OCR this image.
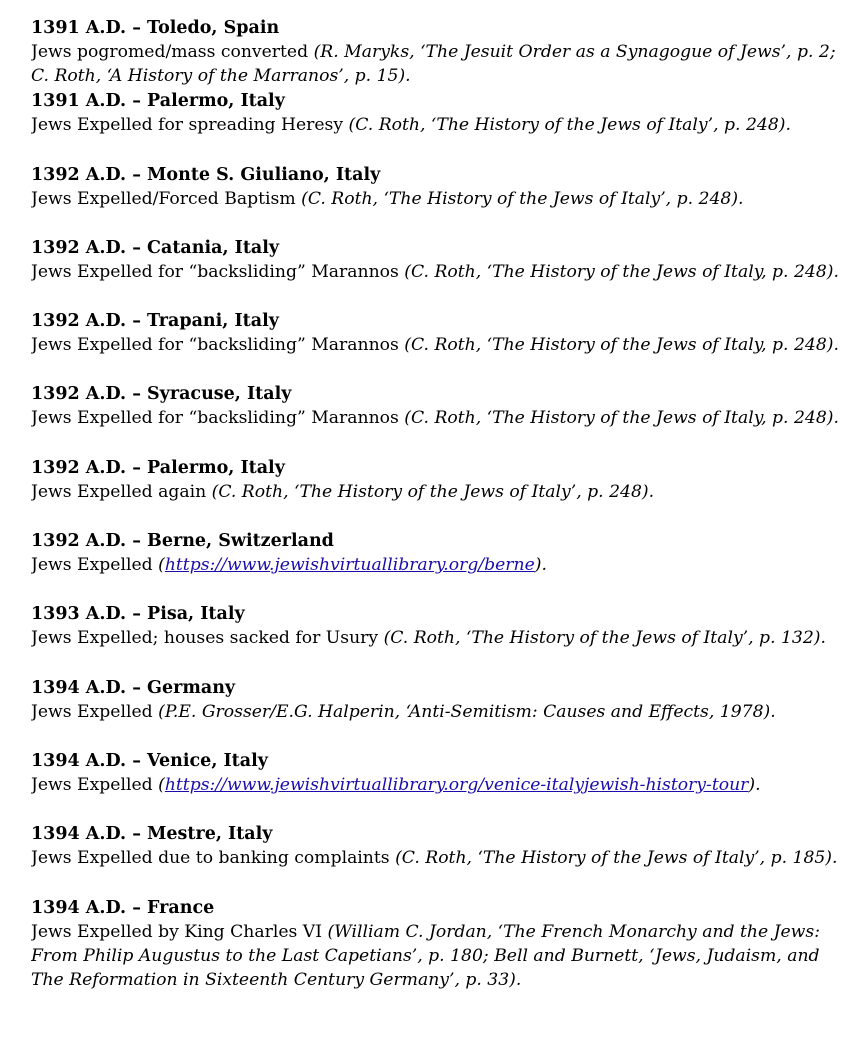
1391 A.D. – Toledo, Spain
Jews pogromed/mass converted (R. Maryks, ‘The Jesuit Order as a Synagogue of Jews’, p. 2; C. Roth, ‘A History of the Marranos’, p. 15).
1391 A.D. – Palermo, Italy
Jews Expelled for spreading Heresy (C. Roth, ‘The History of the Jews of Italy’, p. 248).
1392 A.D. – Monte S. Giuliano, Italy
Jews Expelled/Forced Baptism (C. Roth, ‘The History of the Jews of Italy’, p. 248).
1392 A.D. – Catania, Italy
Jews Expelled for “backsliding” Marannos (C. Roth, ‘The History of the Jews of Italy, p. 248).
1392 A.D. – Trapani, Italy
Jews Expelled for “backsliding” Marannos (C. Roth, ‘The History of the Jews of Italy, p. 248).
1392 A.D. – Syracuse, Italy
Jews Expelled for “backsliding” Marannos (C. Roth, ‘The History of the Jews of Italy, p. 248).
1392 A.D. – Palermo, Italy
Jews Expelled again (C. Roth, ‘The History of the Jews of Italy’, p. 248).
1392 A.D. – Berne, Switzerland
Jews Expelled (https://www.jewishvirtuallibrary.org/berne).
1393 A.D. – Pisa, Italy
Jews Expelled; houses sacked for Usury (C. Roth, ‘The History of the Jews of Italy’, p. 132).
1394 A.D. – Germany
Jews Expelled (P.E. Grosser/E.G. Halperin, ‘Anti-Semitism: Causes and Effects, 1978).
1394 A.D. – Venice, Italy
Jews Expelled (https://www.jewishvirtuallibrary.org/venice-italyjewish-history-tour).
1394 A.D. – Mestre, Italy
Jews Expelled due to banking complaints (C. Roth, ‘The History of the Jews of Italy’, p. 185).
1394 A.D. – France
Jews Expelled by King Charles VI (William C. Jordan, ‘The French Monarchy and the Jews: From Philip Augustus to the Last Capetians’, p. 180; Bell and Burnett, ‘Jews, Judaism, and The Reformation in Sixteenth Century Germany’, p. 33).
